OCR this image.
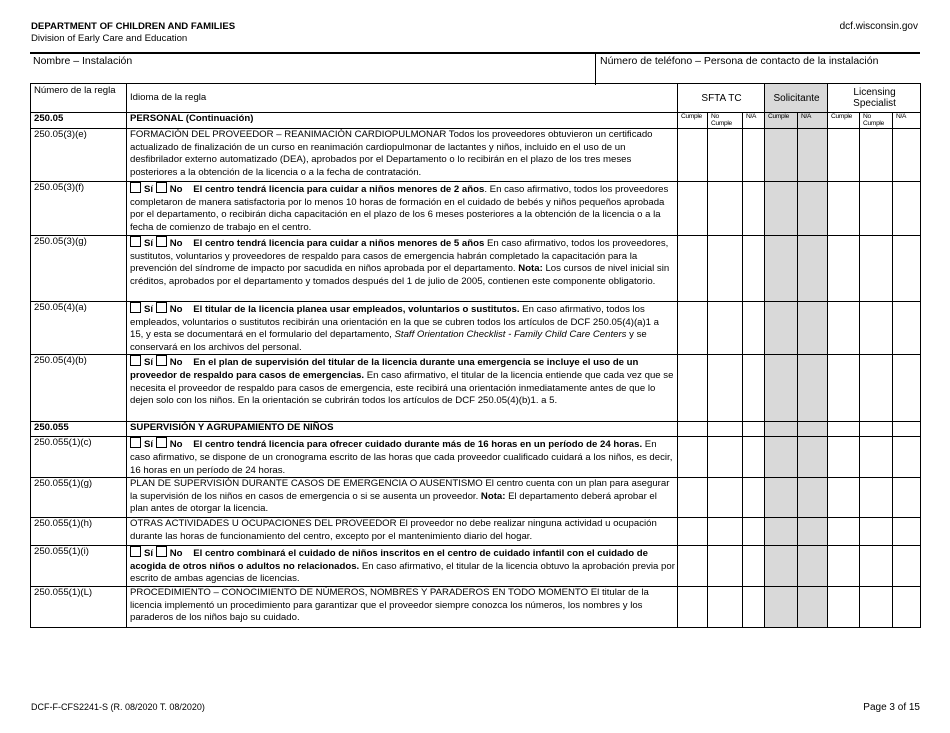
DEPARTMENT OF CHILDREN AND FAMILIES
Division of Early Care and Education
dcf.wisconsin.gov
Nombre – Instalación	Número de teléfono – Persona de contacto de la instalación
Número de la regla	Idioma de la regla	SFTA TC			Solicitante		Licensing Specialist		
250.05	PERSONAL (Continuación)	Cumple	No Cumple	N/A	Cumple	N/A	Cumple	No Cumple	N/A
250.05(3)(e)	FORMACIÓN DEL PROVEEDOR – REANIMACIÓN CARDIOPULMONAR Todos los proveedores obtuvieron un certificado actualizado de finalización de un curso en reanimación cardiopulmonar de lactantes y niños, incluido en el uso de un desfibrilador externo automatizado (DEA), aprobados por el Departamento o lo recibirán en el plazo de los tres meses posteriores a la obtención de la licencia o a la fecha de contratación.								
250.05(3)(f)	Sí No El centro tendrá licencia para cuidar a niños menores de 2 años. En caso afirmativo, todos los proveedores completaron de manera satisfactoria por lo menos 10 horas de formación en el cuidado de bebés y niños pequeños aprobada por el departamento, o recibirán dicha capacitación en el plazo de los 6 meses posteriores a la obtención de la licencia o a la fecha de comienzo de trabajo en el centro.								
250.05(3)(g)	Sí No El centro tendrá licencia para cuidar a niños menores de 5 años En caso afirmativo, todos los proveedores, sustitutos, voluntarios y proveedores de respaldo para casos de emergencia habrán completado la capacitación para la prevención del síndrome de impacto por sacudida en niños aprobada por el departamento. Nota: Los cursos de nivel inicial sin créditos, aprobados por el departamento y tomados después del 1 de julio de 2005, contienen este componente obligatorio.								
250.05(4)(a)	Sí No El titular de la licencia planea usar empleados, voluntarios o sustitutos. En caso afirmativo, todos los empleados, voluntarios o sustitutos recibirán una orientación en la que se cubren todos los artículos de DCF 250.05(4)(a)1 a 15, y esta se documentará en el formulario del departamento, Staff Orientation Checklist - Family Child Care Centers y se conservará en los archivos del personal.								
250.05(4)(b)	Sí No En el plan de supervisión del titular de la licencia durante una emergencia se incluye el uso de un proveedor de respaldo para casos de emergencias. En caso afirmativo, el titular de la licencia entiende que cada vez que se necesita el proveedor de respaldo para casos de emergencia, este recibirá una orientación inmediatamente antes de que lo dejen solo con los niños. En la orientación se cubrirán todos los artículos de DCF 250.05(4)(b)1. a 5.								
250.055	SUPERVISIÓN Y AGRUPAMIENTO DE NIÑOS								
250.055(1)(c)	Sí No El centro tendrá licencia para ofrecer cuidado durante más de 16 horas en un período de 24 horas. En caso afirmativo, se dispone de un cronograma escrito de las horas que cada proveedor cualificado cuidará a los niños, es decir, 16 horas en un período de 24 horas.								
250.055(1)(g)	PLAN DE SUPERVISIÓN DURANTE CASOS DE EMERGENCIA O AUSENTISMO El centro cuenta con un plan para asegurar la supervisión de los niños en casos de emergencia o si se ausenta un proveedor. Nota: El departamento deberá aprobar el plan antes de otorgar la licencia.								
250.055(1)(h)	OTRAS ACTIVIDADES U OCUPACIONES DEL PROVEEDOR El proveedor no debe realizar ninguna actividad u ocupación durante las horas de funcionamiento del centro, excepto por el mantenimiento diario del hogar.								
250.055(1)(i)	Sí No El centro combinará el cuidado de niños inscritos en el centro de cuidado infantil con el cuidado de acogida de otros niños o adultos no relacionados. En caso afirmativo, el titular de la licencia obtuvo la aprobación previa por escrito de ambas agencias de licencias.								
250.055(1)(L)	PROCEDIMIENTO – CONOCIMIENTO DE NÚMEROS, NOMBRES Y PARADEROS EN TODO MOMENTO El titular de la licencia implementó un procedimiento para garantizar que el proveedor siempre conozca los números, los nombres y los paraderos de los niños bajo su cuidado.								
DCF-F-CFS2241-S (R. 08/2020 T. 08/2020)	Page 3 of 15
